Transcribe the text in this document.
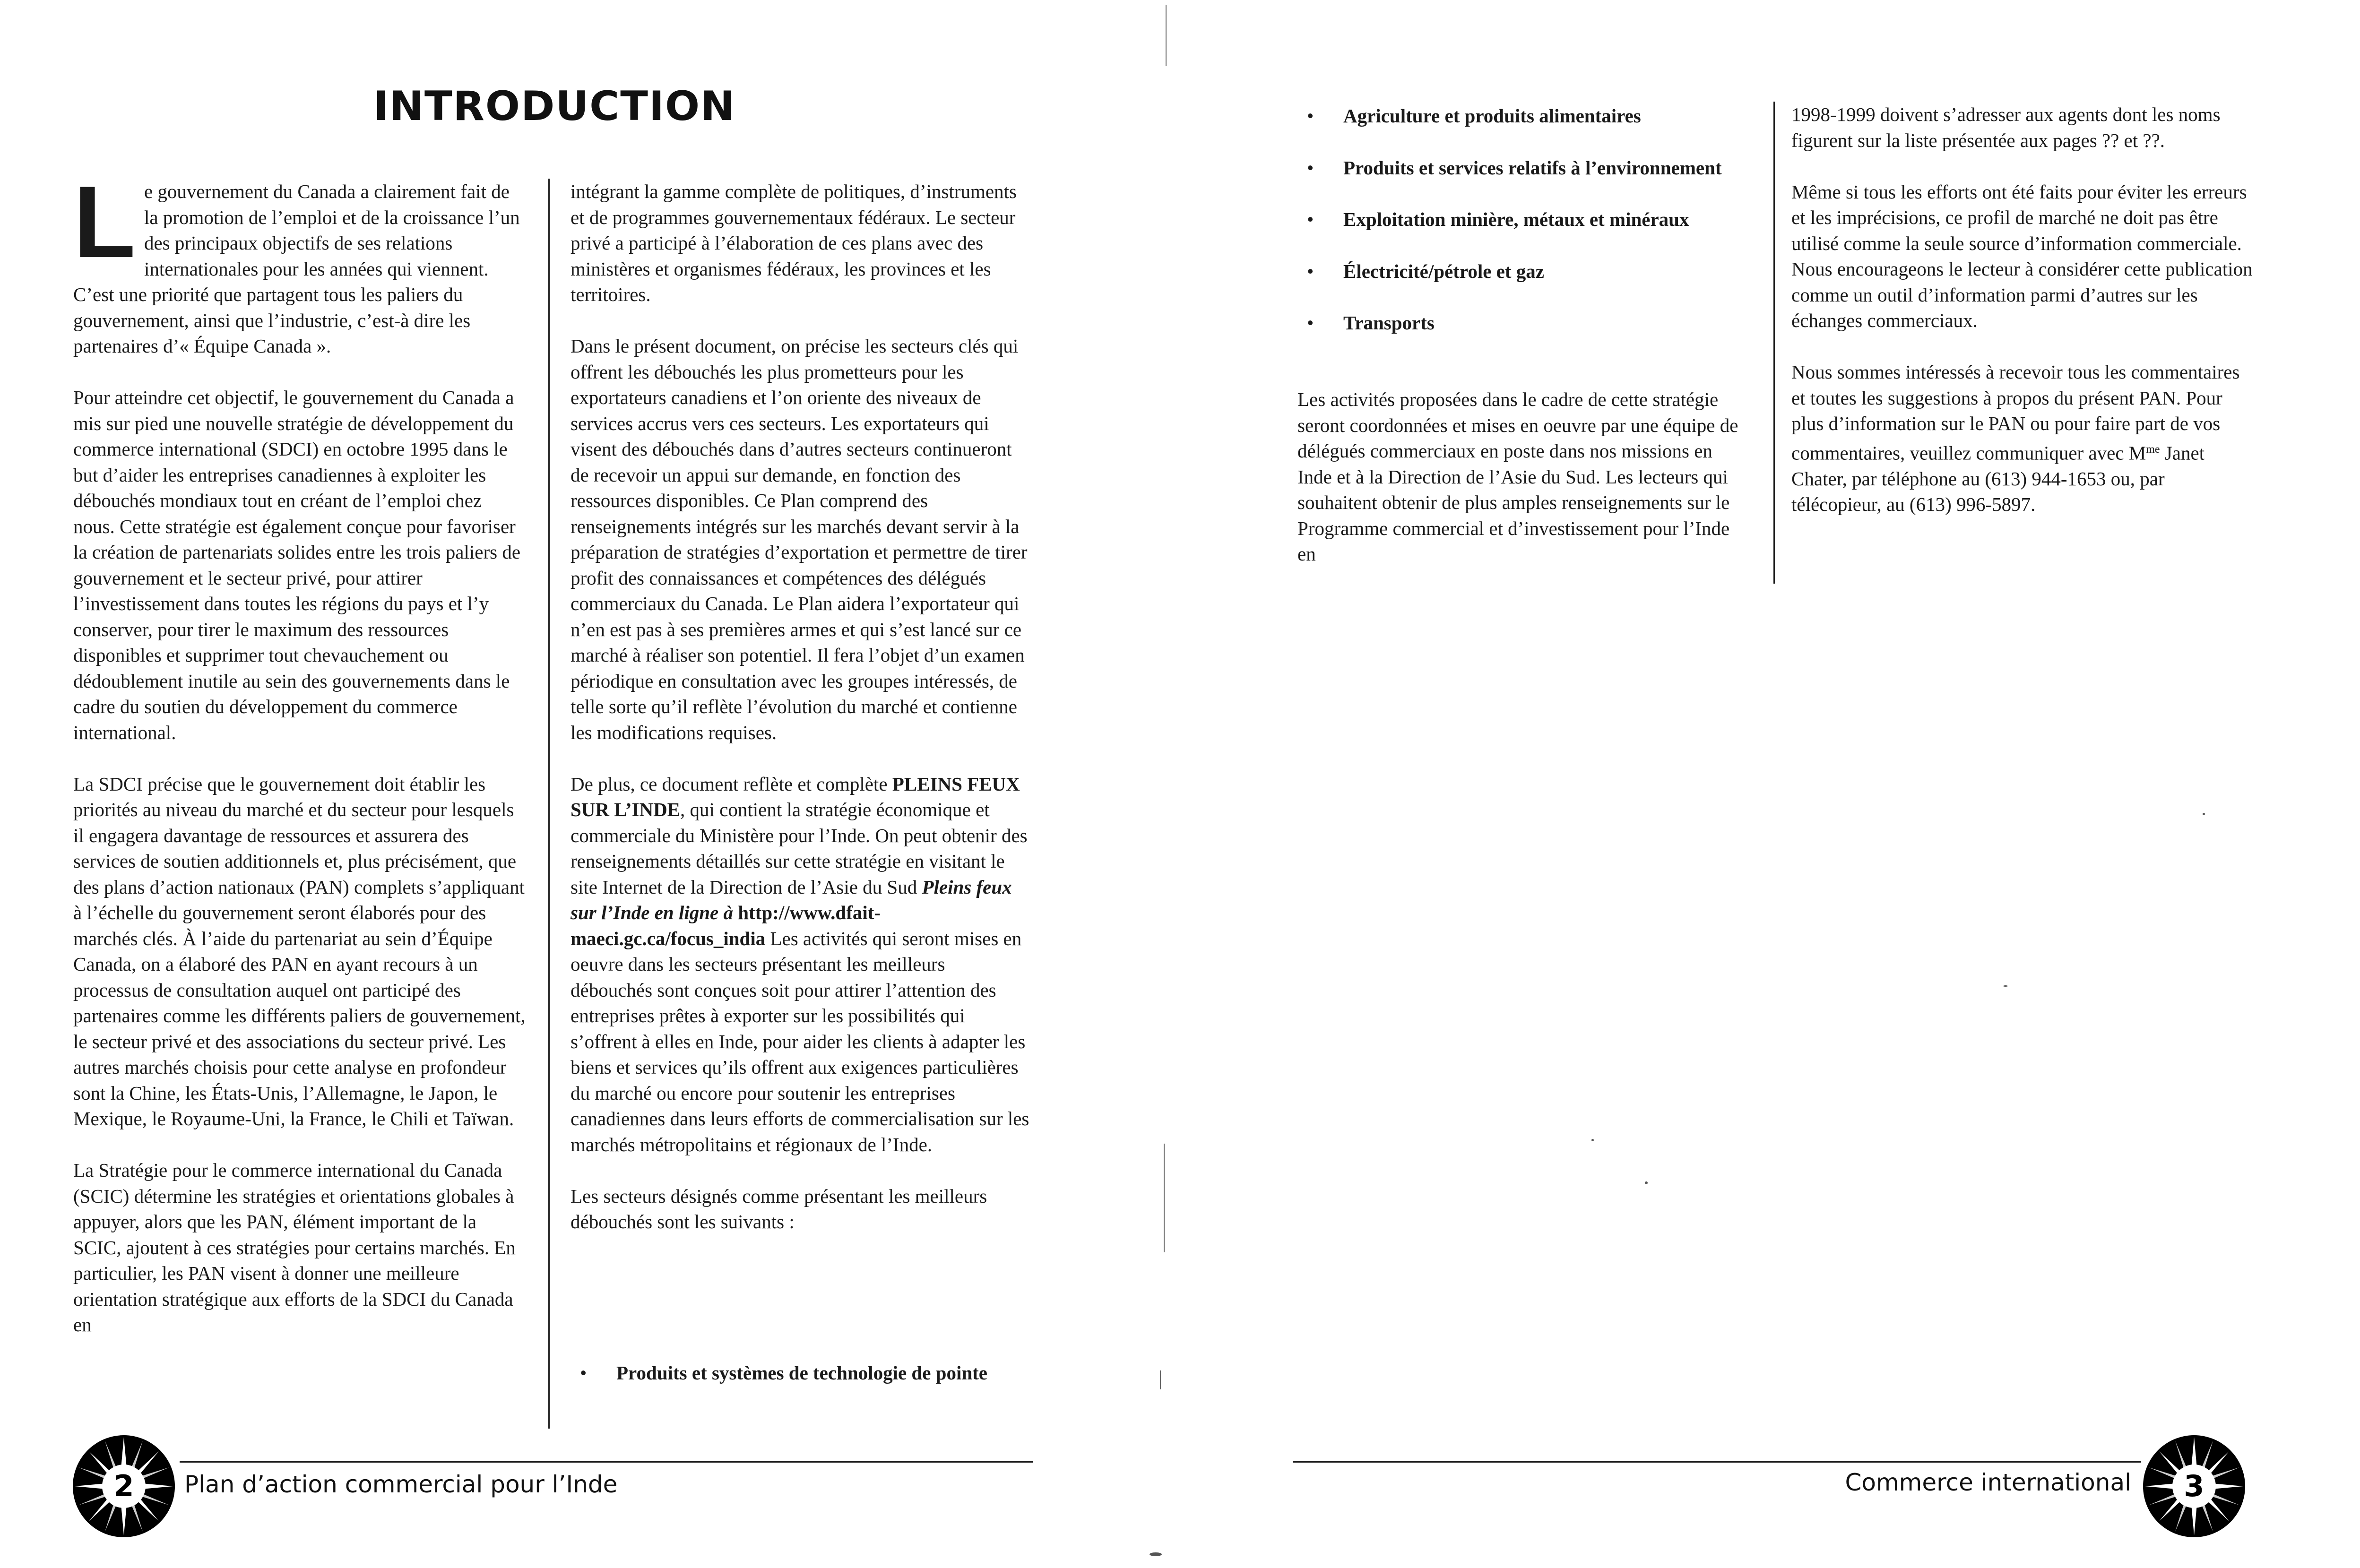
INTRODUCTION

Le gouvernement du Canada a clairement fait de la promotion de l’emploi et de la croissance l’un des principaux objectifs de ses relations internationales pour les années qui viennent. C’est une priorité que partagent tous les paliers du gouvernement, ainsi que l’industrie, c’est-à dire les partenaires d’« Équipe Canada ».

Pour atteindre cet objectif, le gouvernement du Canada a mis sur pied une nouvelle stratégie de développement du commerce international (SDCI) en octobre 1995 dans le but d’aider les entreprises canadiennes à exploiter les débouchés mondiaux tout en créant de l’emploi chez nous. Cette stratégie est également conçue pour favoriser la création de partenariats solides entre les trois paliers de gouvernement et le secteur privé, pour attirer l’investissement dans toutes les régions du pays et l’y conserver, pour tirer le maximum des ressources disponibles et supprimer tout chevauchement ou dédoublement inutile au sein des gouvernements dans le cadre du soutien du développement du commerce international.

La SDCI précise que le gouvernement doit établir les priorités au niveau du marché et du secteur pour lesquels il engagera davantage de ressources et assurera des services de soutien additionnels et, plus précisément, que des plans d’action nationaux (PAN) complets s’appliquant à l’échelle du gouvernement seront élaborés pour des marchés clés. À l’aide du partenariat au sein d’Équipe Canada, on a élaboré des PAN en ayant recours à un processus de consultation auquel ont participé des partenaires comme les différents paliers de gouvernement, le secteur privé et des associations du secteur privé. Les autres marchés choisis pour cette analyse en profondeur sont la Chine, les États-Unis, l’Allemagne, le Japon, le Mexique, le Royaume-Uni, la France, le Chili et Taïwan.

La Stratégie pour le commerce international du Canada (SCIC) détermine les stratégies et orientations globales à appuyer, alors que les PAN, élément important de la SCIC, ajoutent à ces stratégies pour certains marchés. En particulier, les PAN visent à donner une meilleure orientation stratégique aux efforts de la SDCI du Canada en

intégrant la gamme complète de politiques, d’instruments et de programmes gouvernementaux fédéraux. Le secteur privé a participé à l’élaboration de ces plans avec des ministères et organismes fédéraux, les provinces et les territoires.

Dans le présent document, on précise les secteurs clés qui offrent les débouchés les plus prometteurs pour les exportateurs canadiens et l’on oriente des niveaux de services accrus vers ces secteurs. Les exportateurs qui visent des débouchés dans d’autres secteurs continueront de recevoir un appui sur demande, en fonction des ressources disponibles. Ce Plan comprend des renseignements intégrés sur les marchés devant servir à la préparation de stratégies d’exportation et permettre de tirer profit des connaissances et compétences des délégués commerciaux du Canada. Le Plan aidera l’exportateur qui n’en est pas à ses premières armes et qui s’est lancé sur ce marché à réaliser son potentiel. Il fera l’objet d’un examen périodique en consultation avec les groupes intéressés, de telle sorte qu’il reflète l’évolution du marché et contienne les modifications requises.

De plus, ce document reflète et complète PLEINS FEUX SUR L’INDE, qui contient la stratégie économique et commerciale du Ministère pour l’Inde. On peut obtenir des renseignements détaillés sur cette stratégie en visitant le site Internet de la Direction de l’Asie du Sud Pleins feux sur l’Inde en ligne à http://www.dfait-maeci.gc.ca/focus_india Les activités qui seront mises en oeuvre dans les secteurs présentant les meilleurs débouchés sont conçues soit pour attirer l’attention des entreprises prêtes à exporter sur les possibilités qui s’offrent à elles en Inde, pour aider les clients à adapter les biens et services qu’ils offrent aux exigences particulières du marché ou encore pour soutenir les entreprises canadiennes dans leurs efforts de commercialisation sur les marchés métropolitains et régionaux de l’Inde.

Les secteurs désignés comme présentant les meilleurs débouchés sont les suivants :

• Produits et systèmes de technologie de pointe
2	Plan d’action commercial pour l’Inde
• Agriculture et produits alimentaires
• Produits et services relatifs à l’environnement
• Exploitation minière, métaux et minéraux
• Électricité/pétrole et gaz
• Transports

Les activités proposées dans le cadre de cette stratégie seront coordonnées et mises en oeuvre par une équipe de délégués commerciaux en poste dans nos missions en Inde et à la Direction de l’Asie du Sud. Les lecteurs qui souhaitent obtenir de plus amples renseignements sur le Programme commercial et d’investissement pour l’Inde en

1998-1999 doivent s’adresser aux agents dont les noms figurent sur la liste présentée aux pages ?? et ??.

Même si tous les efforts ont été faits pour éviter les erreurs et les imprécisions, ce profil de marché ne doit pas être utilisé comme la seule source d’information commerciale. Nous encourageons le lecteur à considérer cette publication comme un outil d’information parmi d’autres sur les échanges commerciaux.

Nous sommes intéressés à recevoir tous les commentaires et toutes les suggestions à propos du présent PAN. Pour plus d’information sur le PAN ou pour faire part de vos commentaires, veuillez communiquer avec $M^{me}$ Janet Chater, par téléphone au (613) 944-1653 ou, par télécopieur, au (613) 996-5897.

Commerce international	3
